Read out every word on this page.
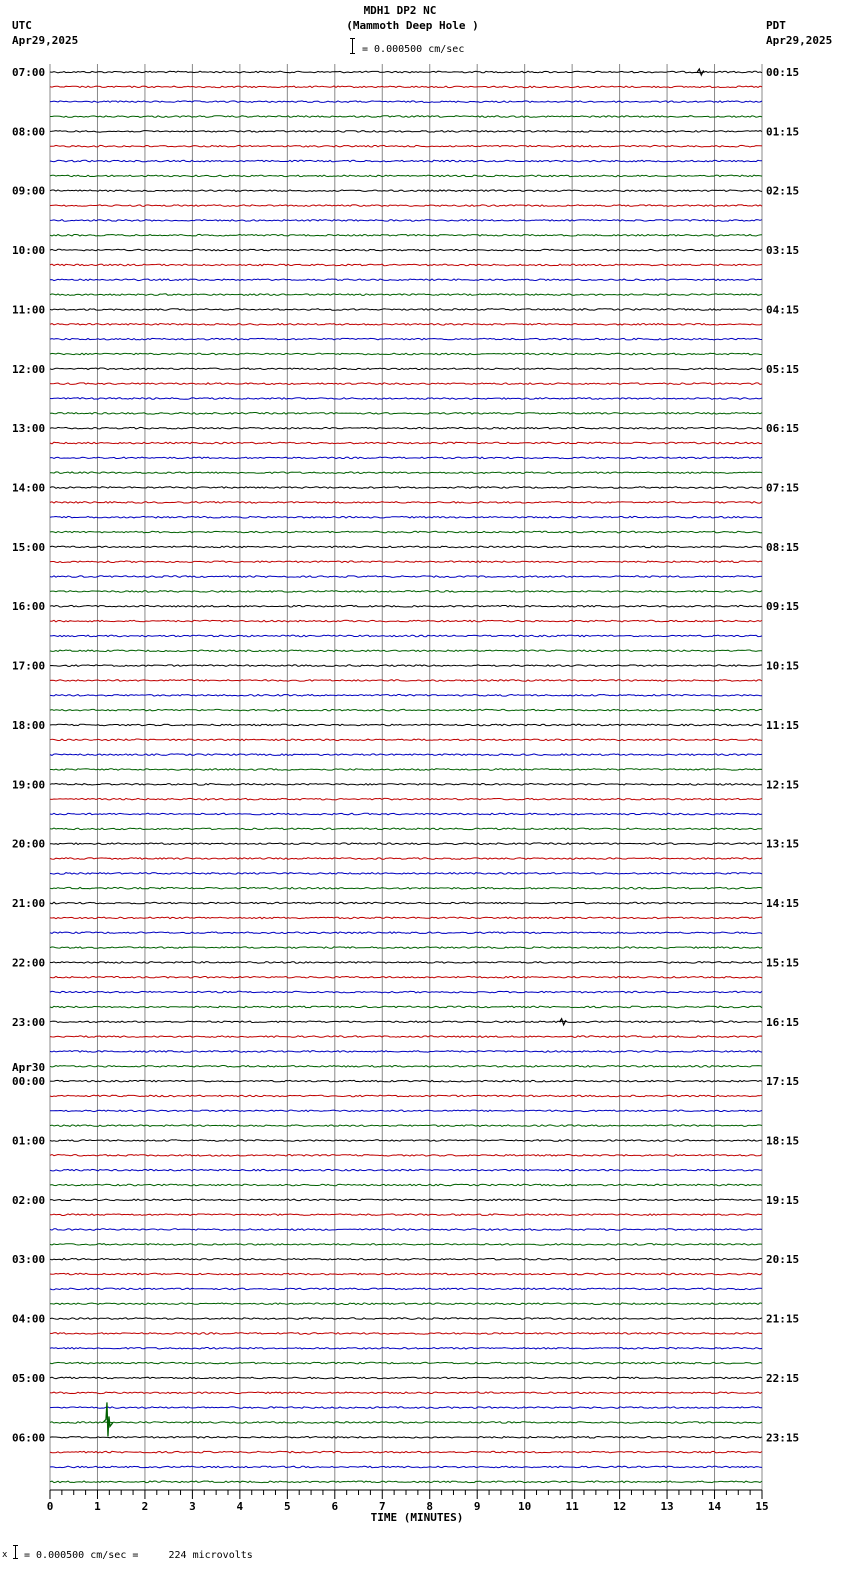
MDH1 DP2 NC
(Mammoth Deep Hole )
= 0.000500 cm/sec
UTC
Apr29,2025
PDT
Apr29,2025
07:00
08:00
09:00
10:00
11:00
12:00
13:00
14:00
15:00
16:00
17:00
18:00
19:00
20:00
21:00
22:00
23:00
00:00
Apr30
01:00
02:00
03:00
04:00
05:00
06:00
00:15
01:15
02:15
03:15
04:15
05:15
06:15
07:15
08:15
09:15
10:15
11:15
12:15
13:15
14:15
15:15
16:15
17:15
18:15
19:15
20:15
21:15
22:15
23:15
0	1	2	3	4	5	6	7	8	9	10	11	12	13	14	15
TIME (MINUTES)
x = 0.000500 cm/sec =     224 microvolts
